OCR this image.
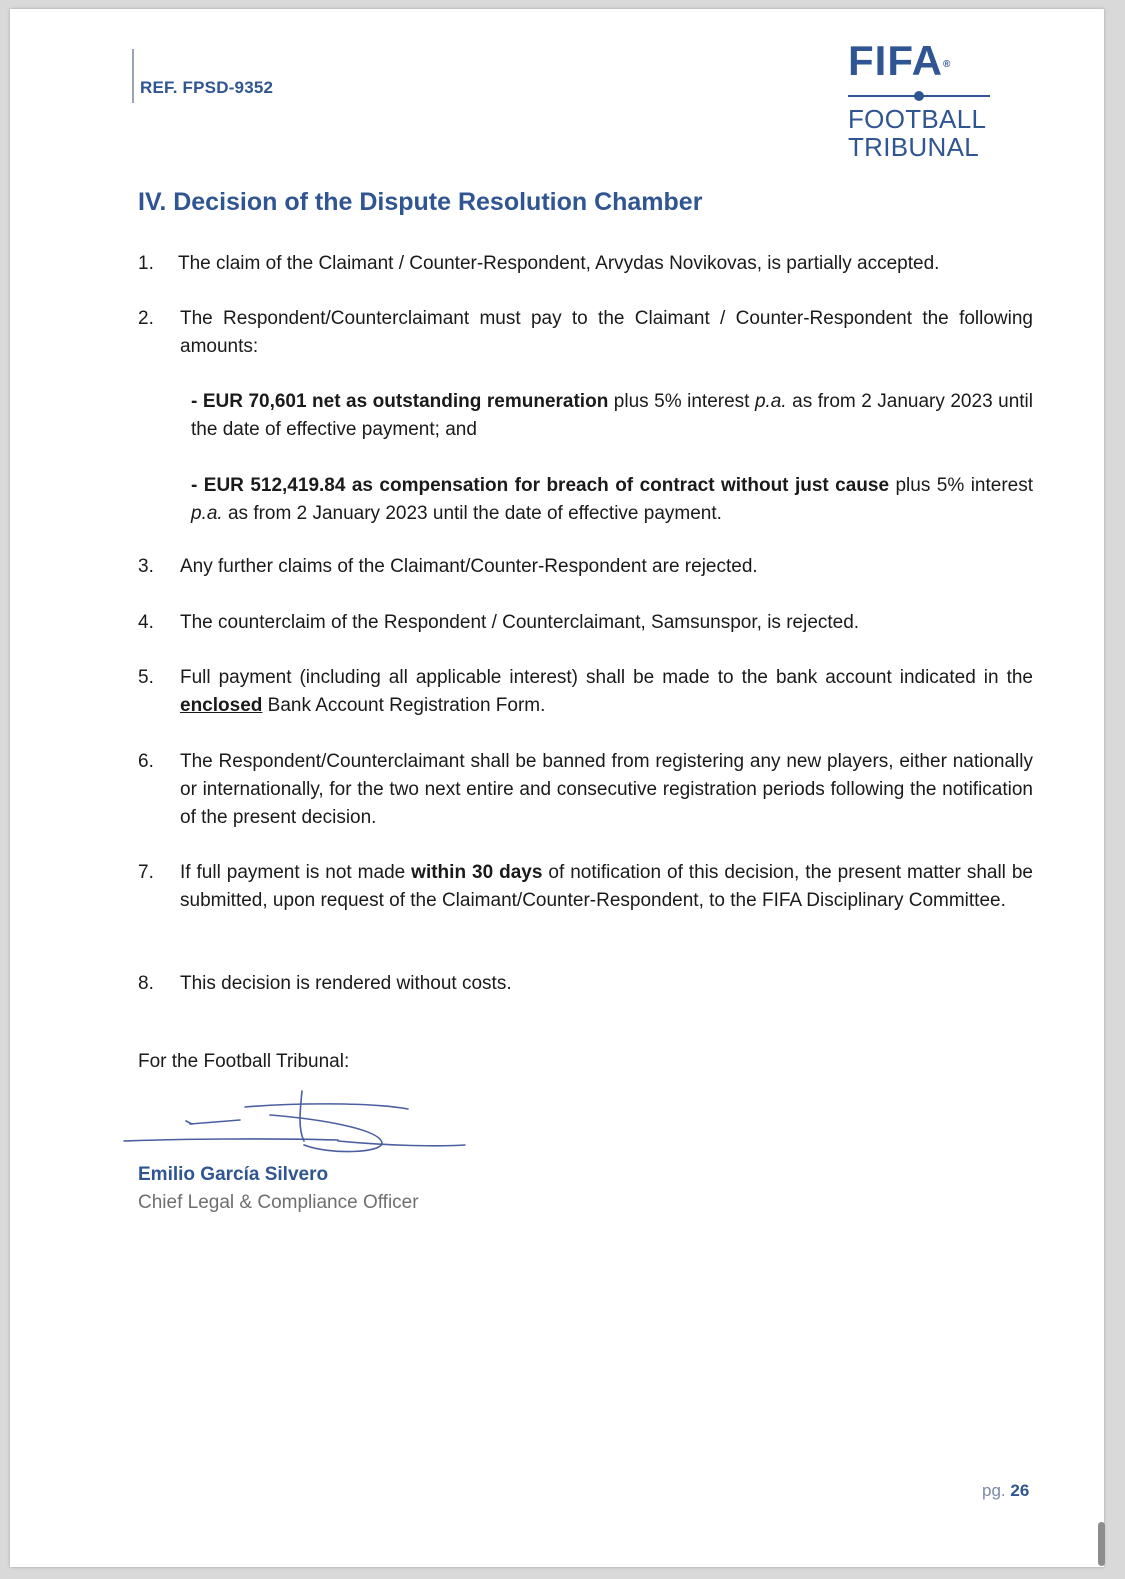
REF. FPSD-9352
FIFA®
FOOTBALL
TRIBUNAL
IV. Decision of the Dispute Resolution Chamber
1. The claim of the Claimant / Counter-Respondent, Arvydas Novikovas, is partially accepted.
2. The Respondent/Counterclaimant must pay to the Claimant / Counter-Respondent the following amounts:
- EUR 70,601 net as outstanding remuneration plus 5% interest p.a. as from 2 January 2023 until the date of effective payment; and
- EUR 512,419.84 as compensation for breach of contract without just cause plus 5% interest p.a. as from 2 January 2023 until the date of effective payment.
3. Any further claims of the Claimant/Counter-Respondent are rejected.
4. The counterclaim of the Respondent / Counterclaimant, Samsunspor, is rejected.
5. Full payment (including all applicable interest) shall be made to the bank account indicated in the enclosed Bank Account Registration Form.
6. The Respondent/Counterclaimant shall be banned from registering any new players, either nationally or internationally, for the two next entire and consecutive registration periods following the notification of the present decision.
7. If full payment is not made within 30 days of notification of this decision, the present matter shall be submitted, upon request of the Claimant/Counter-Respondent, to the FIFA Disciplinary Committee.
8. This decision is rendered without costs.
For the Football Tribunal:
Emilio García Silvero
Chief Legal & Compliance Officer
pg. 26
